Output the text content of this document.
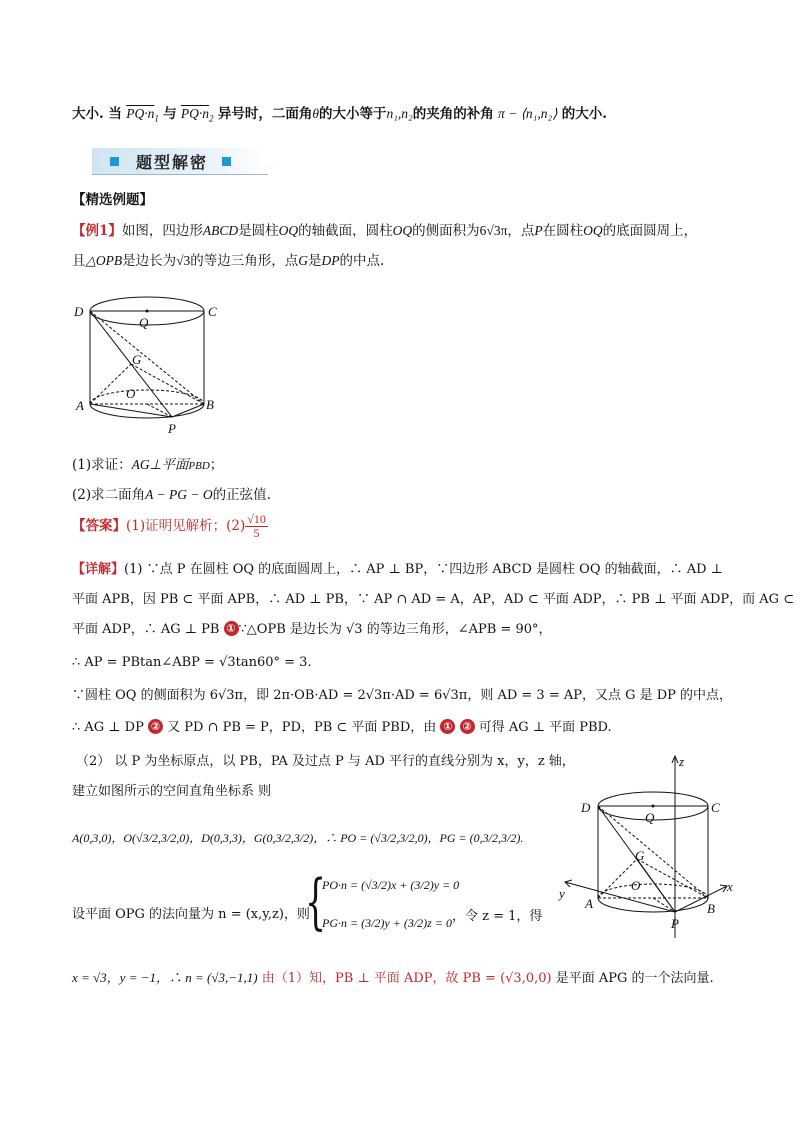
大小. 当 $PQ\cdot n_1$ 与 $PQ\cdot n_2$ 异号时，二面角θ的大小等于n₁,n₂的夹角的补角 π − ⟨n₁,n₂⟩ 的大小.
题型解密
【精选例题】
【例1】如图，四边形ABCD是圆柱OQ的轴截面，圆柱OQ的侧面积为6√3π，点P在圆柱OQ的底面圆周上，
且△OPB是边长为√3的等边三角形，点G是DP的中点.
D
Q
C
G
O
A	B
P
(1)求证：AG⊥平面PBD；
(2)求二面角A − PG − O的正弦值.
【答案】(1)证明见解析；$(2) \frac{√10}{5}$
【详解】(1) ∵点 P 在圆柱 OQ 的底面圆周上，∴ AP ⊥ BP，∵四边形 ABCD 是圆柱 OQ 的轴截面，∴ AD ⊥
平面 APB，因 PB ⊂ 平面 APB，∴ AD ⊥ PB，∵ AP ∩ AD = A，AP，AD ⊂ 平面 ADP，∴ PB ⊥ 平面 ADP，而 AG ⊂
平面 ADP，∴ AG ⊥ PB ① ∵△OPB 是边长为 √3 的等边三角形，∠APB = 90°，
∴ AP = PBtan∠ABP = √3tan60° = 3.
∵圆柱 OQ 的侧面积为 6√3π，即 2π·OB·AD = 2√3π·AD = 6√3π，则 AD = 3 = AP，又点 G 是 DP 的中点，
∴ AG ⊥ DP ② 又 PD ∩ PB = P，PD，PB ⊂ 平面 PBD，由 ① ② 可得 AG ⊥ 平面 PBD.
（2） 以 P 为坐标原点，以 PB，PA 及过点 P 与 AD 平行的直线分别为 x，y，z 轴，
建立如图所示的空间直角坐标系 则
A(0,3,0)，O(√3/2,3/2,0)，D(0,3,3)，G(0,3/2,3/2)，∴ PO = (√3/2,3/2,0)，PG = (0,3/2,3/2).
设平面 OPG 的法向量为 n = (x,y,z)，则
{
PO·n = (√3/2)x + (3/2)y = 0
PG·n = (3/2)y + (3/2)z = 0 ，令 z = 1，得
x = √3，y = −1，∴ n = (√3,−1,1) 由（1）知，PB ⊥ 平面 ADP，故 PB = (√3,0,0) 是平面 APG 的一个法向量.
z
D
Q
C
G
O
y
A	B
x
P
